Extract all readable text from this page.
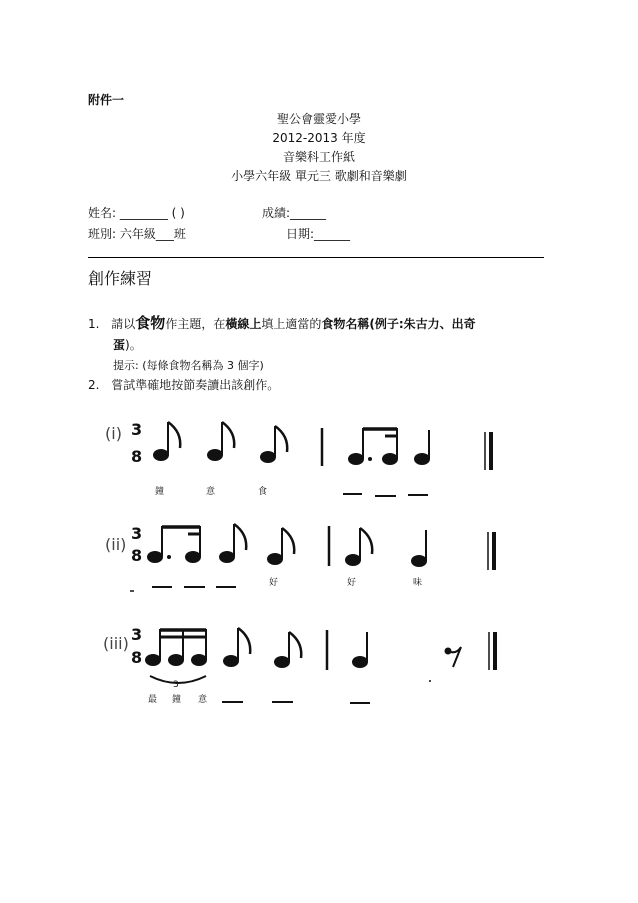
附件一
聖公會靈愛小學
2012-2013 年度
音樂科工作紙
小學六年級 單元三 歌劇和音樂劇
姓名: ________ ( )	成績:______
班別: 六年級___班	日期:______
創作練習
1. 請以食物作主題，在橫線上填上適當的食物名稱(例子:朱古力、出奇
蛋)。
提示: (每條食物名稱為 3 個字)
2. 嘗試準確地按節奏讀出該創作。
(i)
(ii)
(iii)
3
8
3
8
3
8
鐘	意	食
好	好	味
最 鐘 意
3
